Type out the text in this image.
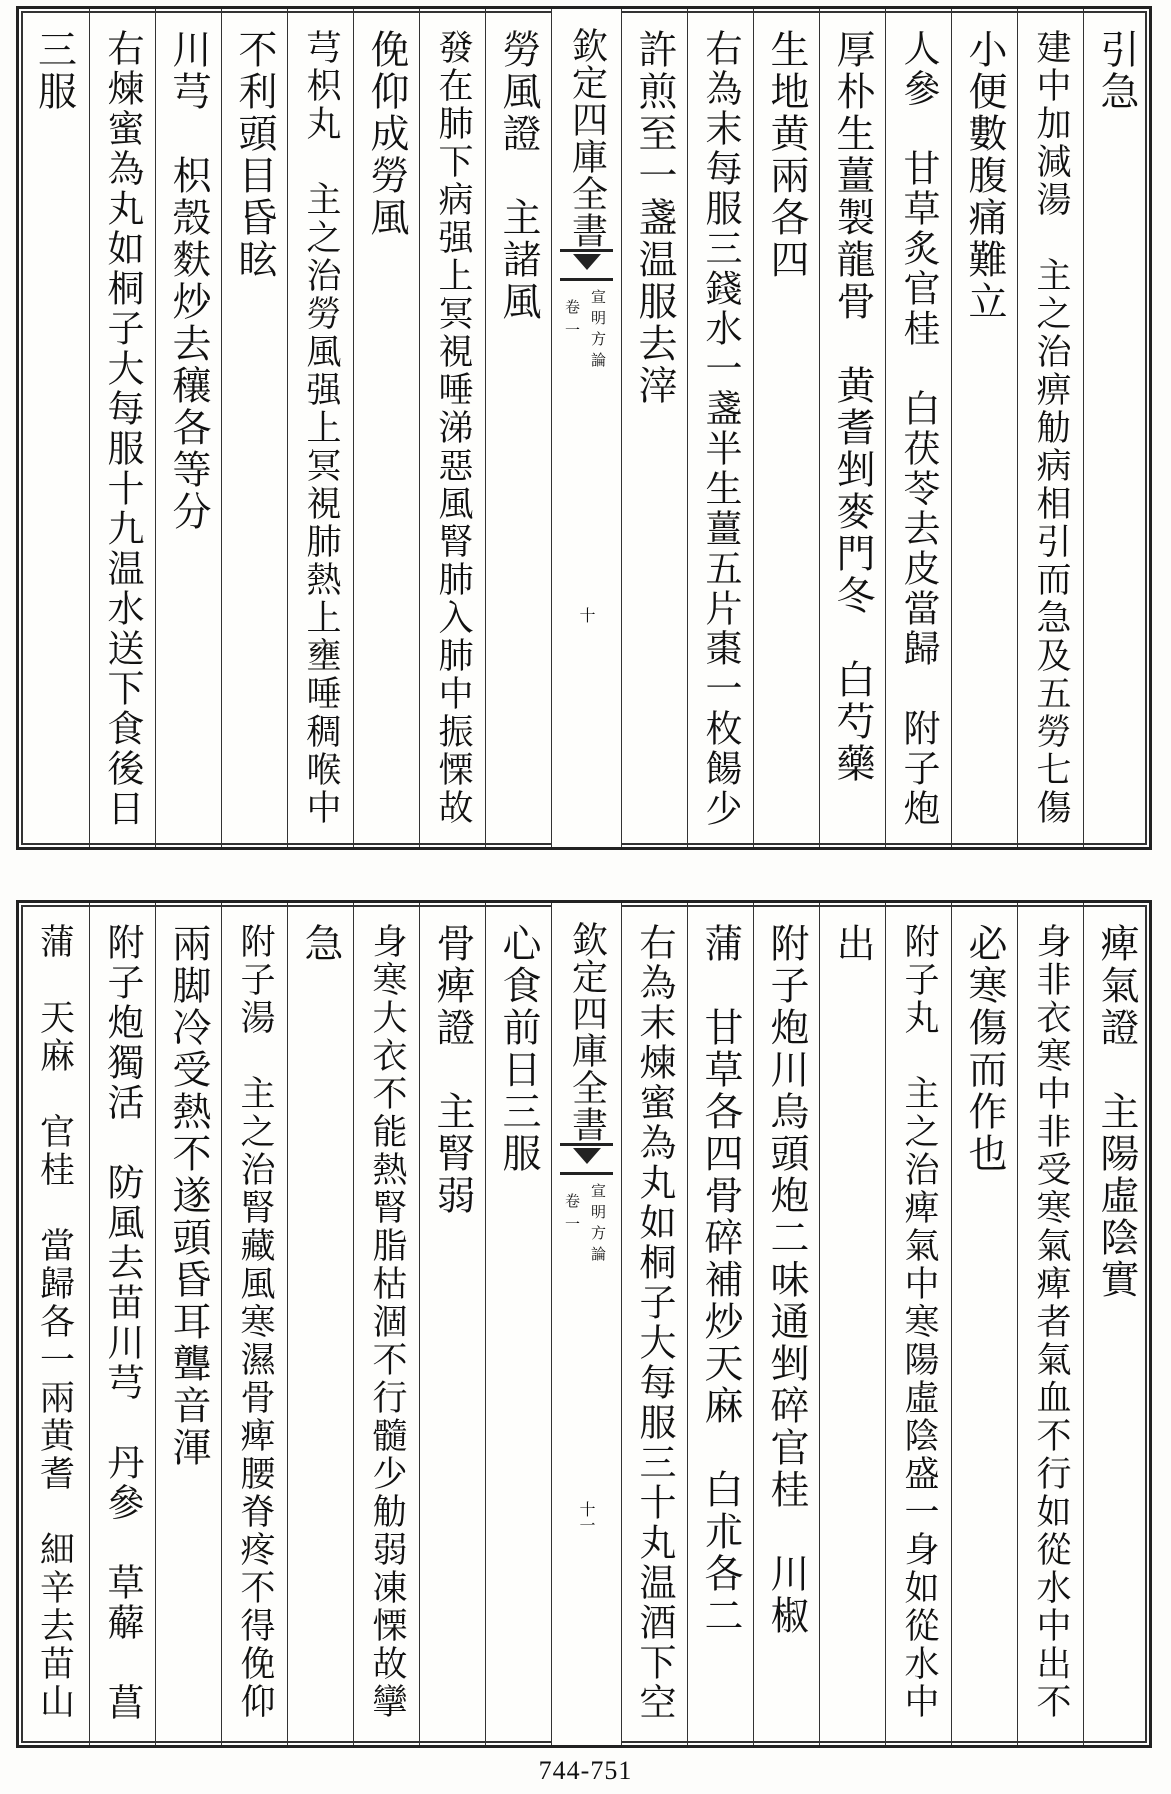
引急
建中加減湯　主之治痹觔病相引而急及五勞七傷
小便數腹痛難立
人參　甘草炙官桂　白茯苓去皮當歸　附子炮
厚朴生薑製龍骨　黄耆剉麥門冬　白芍藥
生地黄兩各四
右為末每服三錢水一盞半生薑五片棗一枚餳少
許煎至一盞温服去滓
欽定四庫全書
宣明方論
卷一
十
勞風證　主諸風
發在肺下病强上冥視唾涕惡風腎肺入肺中振慄故
俛仰成勞風
芎枳丸　主之治勞風强上冥視肺熱上壅唾稠喉中
不利頭目昏眩
川芎　枳殼麩炒去穰各等分
右煉蜜為丸如桐子大每服十九温水送下食後日
三服
痺氣證　主陽虛陰實
身非衣寒中非受寒氣痺者氣血不行如從水中出不
必寒傷而作也
附子丸　主之治痺氣中寒陽虛陰盛一身如從水中
出
附子炮川烏頭炮二味通剉碎官桂　川椒
蒲　甘草各四骨碎補炒天麻　白朮各二
右為末煉蜜為丸如桐子大每服三十丸温酒下空
欽定四庫全書
宣明方論
卷一
十一
心食前日三服
骨痺證　主腎弱
身寒大衣不能熱腎脂枯涸不行髓少觔弱凍慄故攣
急
附子湯　主之治腎藏風寒濕骨痺腰脊疼不得俛仰
兩脚冷受熱不遂頭昏耳聾音渾
附子炮獨活　防風去苗川芎　丹參　草薢　菖
蒲　天麻　官桂　當歸各一兩黄耆　細辛去苗山
744-751
